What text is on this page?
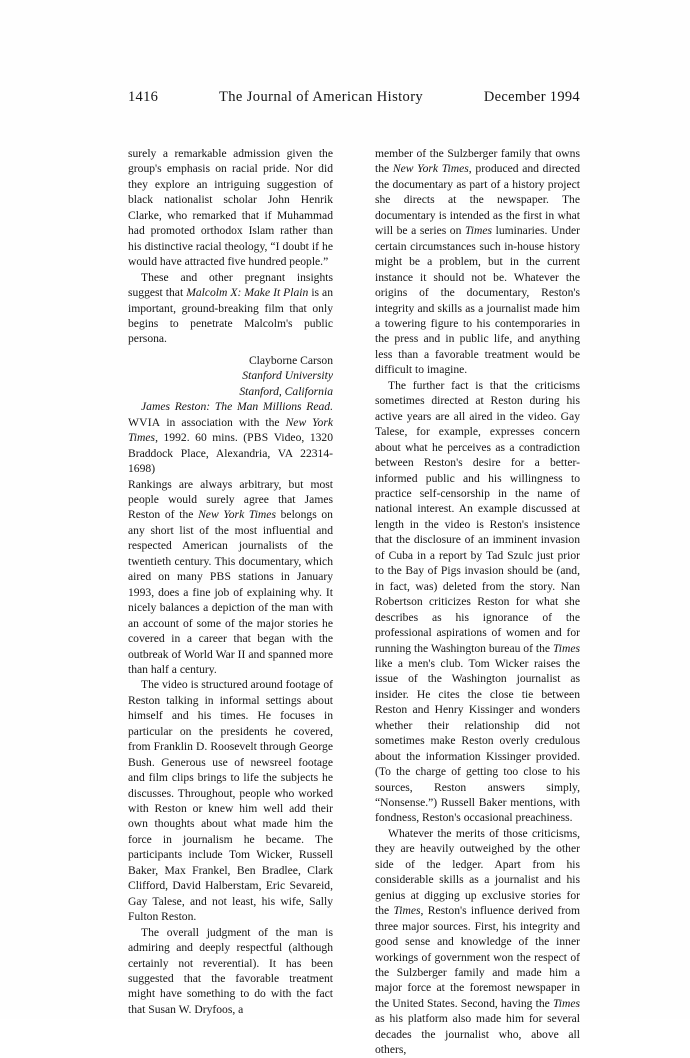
1416	The Journal of American History	December 1994

surely a remarkable admission given the group's emphasis on racial pride. Nor did they explore an intriguing suggestion of black nationalist scholar John Henrik Clarke, who remarked that if Muhammad had promoted orthodox Islam rather than his distinctive racial theology, “I doubt if he would have attracted five hundred people.”

These and other pregnant insights suggest that Malcolm X: Make It Plain is an important, ground-breaking film that only begins to penetrate Malcolm's public persona.

Clayborne Carson
Stanford University
Stanford, California

James Reston: The Man Millions Read. WVIA in association with the New York Times, 1992. 60 mins. (PBS Video, 1320 Braddock Place, Alexandria, VA 22314-1698)

Rankings are always arbitrary, but most people would surely agree that James Reston of the New York Times belongs on any short list of the most influential and respected American journalists of the twentieth century. This documentary, which aired on many PBS stations in January 1993, does a fine job of explaining why. It nicely balances a depiction of the man with an account of some of the major stories he covered in a career that began with the outbreak of World War II and spanned more than half a century.

The video is structured around footage of Reston talking in informal settings about himself and his times. He focuses in particular on the presidents he covered, from Franklin D. Roosevelt through George Bush. Generous use of newsreel footage and film clips brings to life the subjects he discusses. Throughout, people who worked with Reston or knew him well add their own thoughts about what made him the force in journalism he became. The participants include Tom Wicker, Russell Baker, Max Frankel, Ben Bradlee, Clark Clifford, David Halberstam, Eric Sevareid, Gay Talese, and not least, his wife, Sally Fulton Reston.

The overall judgment of the man is admiring and deeply respectful (although certainly not reverential). It has been suggested that the favorable treatment might have something to do with the fact that Susan W. Dryfoos, a

member of the Sulzberger family that owns the New York Times, produced and directed the documentary as part of a history project she directs at the newspaper. The documentary is intended as the first in what will be a series on Times luminaries. Under certain circumstances such in-house history might be a problem, but in the current instance it should not be. Whatever the origins of the documentary, Reston's integrity and skills as a journalist made him a towering figure to his contemporaries in the press and in public life, and anything less than a favorable treatment would be difficult to imagine.

The further fact is that the criticisms sometimes directed at Reston during his active years are all aired in the video. Gay Talese, for example, expresses concern about what he perceives as a contradiction between Reston's desire for a better-informed public and his willingness to practice self-censorship in the name of national interest. An example discussed at length in the video is Reston's insistence that the disclosure of an imminent invasion of Cuba in a report by Tad Szulc just prior to the Bay of Pigs invasion should be (and, in fact, was) deleted from the story. Nan Robertson criticizes Reston for what she describes as his ignorance of the professional aspirations of women and for running the Washington bureau of the Times like a men's club. Tom Wicker raises the issue of the Washington journalist as insider. He cites the close tie between Reston and Henry Kissinger and wonders whether their relationship did not sometimes make Reston overly credulous about the information Kissinger provided. (To the charge of getting too close to his sources, Reston answers simply, “Nonsense.”) Russell Baker mentions, with fondness, Reston's occasional preachiness.

Whatever the merits of those criticisms, they are heavily outweighed by the other side of the ledger. Apart from his considerable skills as a journalist and his genius at digging up exclusive stories for the Times, Reston's influence derived from three major sources. First, his integrity and good sense and knowledge of the inner workings of government won the respect of the Sulzberger family and made him a major force at the foremost newspaper in the United States. Second, having the Times as his platform also made him for several decades the journalist who, above all others,
